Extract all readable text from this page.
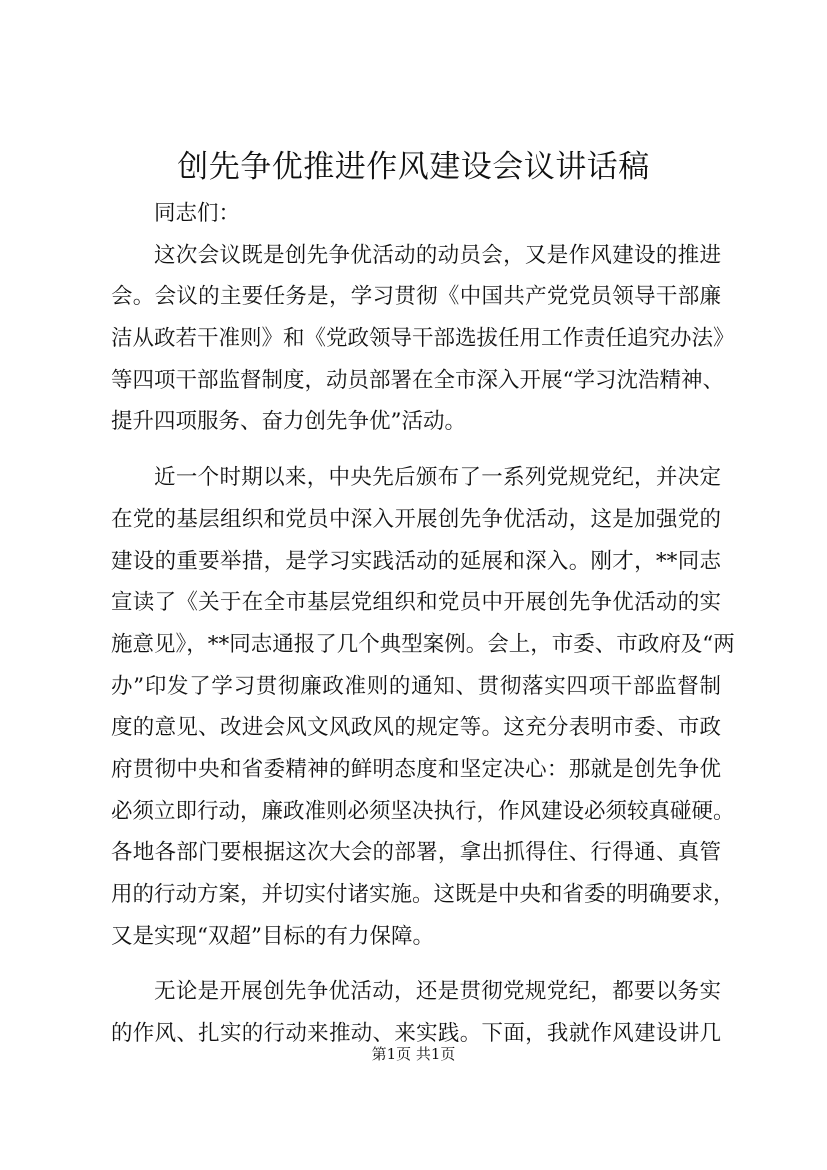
创先争优推进作风建设会议讲话稿
同志们：
这次会议既是创先争优活动的动员会，又是作风建设的推进
会。会议的主要任务是，学习贯彻《中国共产党党员领导干部廉
洁从政若干准则》和《党政领导干部选拔任用工作责任追究办法》
等四项干部监督制度，动员部署在全市深入开展“学习沈浩精神、
提升四项服务、奋力创先争优”活动。
近一个时期以来，中央先后颁布了一系列党规党纪，并决定
在党的基层组织和党员中深入开展创先争优活动，这是加强党的
建设的重要举措，是学习实践活动的延展和深入。刚才，**同志
宣读了《关于在全市基层党组织和党员中开展创先争优活动的实
施意见》，**同志通报了几个典型案例。会上，市委、市政府及“两
办”印发了学习贯彻廉政准则的通知、贯彻落实四项干部监督制
度的意见、改进会风文风政风的规定等。这充分表明市委、市政
府贯彻中央和省委精神的鲜明态度和坚定决心：那就是创先争优
必须立即行动，廉政准则必须坚决执行，作风建设必须较真碰硬。
各地各部门要根据这次大会的部署，拿出抓得住、行得通、真管
用的行动方案，并切实付诸实施。这既是中央和省委的明确要求，
又是实现“双超”目标的有力保障。
无论是开展创先争优活动，还是贯彻党规党纪，都要以务实
的作风、扎实的行动来推动、来实践。下面，我就作风建设讲几
第1页 共1页
